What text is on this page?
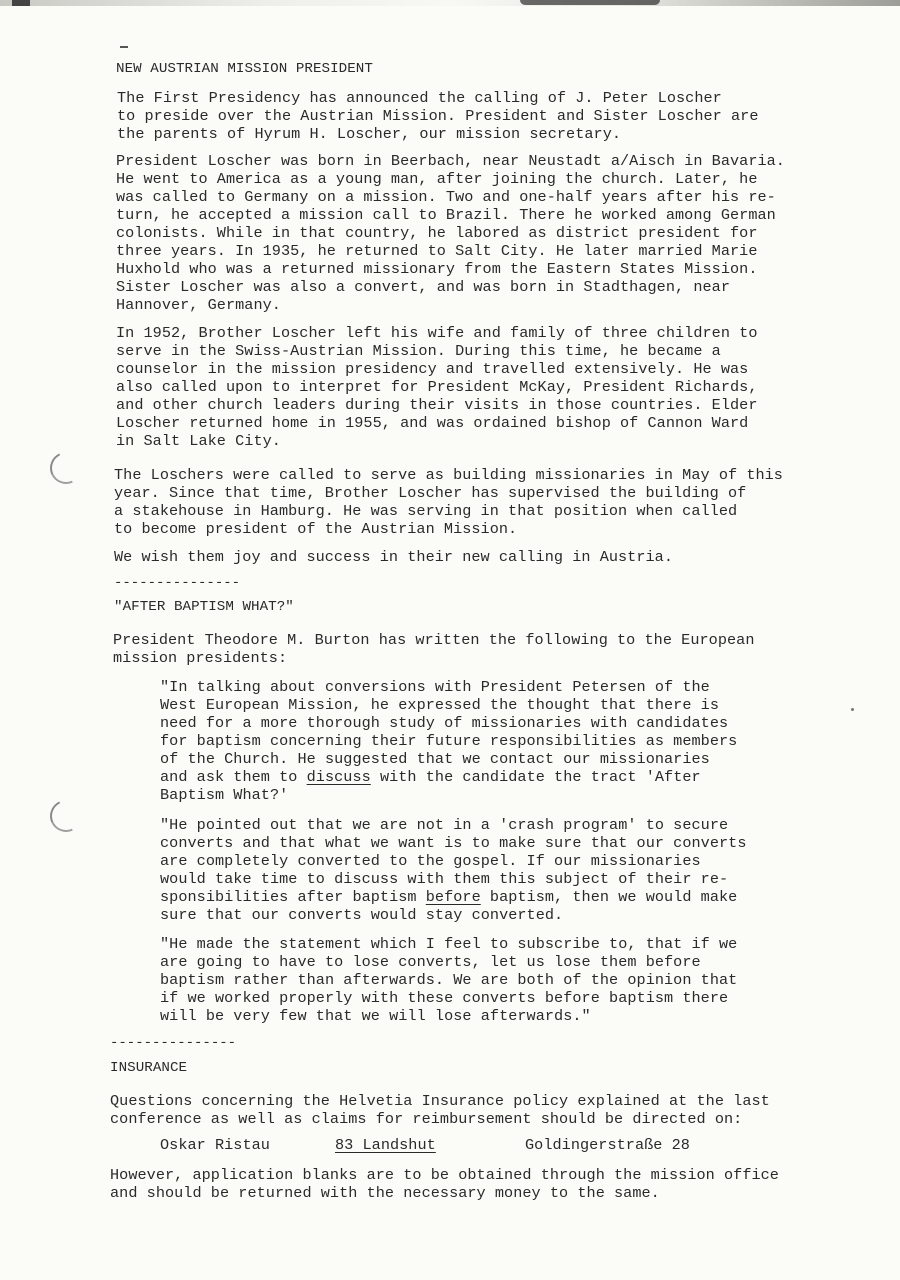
NEW AUSTRIAN MISSION PRESIDENT
The First Presidency has announced the calling of J. Peter Loscher
to preside over the Austrian Mission. President and Sister Loscher are
the parents of Hyrum H. Loscher, our mission secretary.
President Loscher was born in Beerbach, near Neustadt a/Aisch in Bavaria.
He went to America as a young man, after joining the church. Later, he
was called to Germany on a mission. Two and one-half years after his re-
turn, he accepted a mission call to Brazil. There he worked among German
colonists. While in that country, he labored as district president for
three years. In 1935, he returned to Salt City. He later married Marie
Huxhold who was a returned missionary from the Eastern States Mission.
Sister Loscher was also a convert, and was born in Stadthagen, near
Hannover, Germany.
In 1952, Brother Loscher left his wife and family of three children to
serve in the Swiss-Austrian Mission. During this time, he became a
counselor in the mission presidency and travelled extensively. He was
also called upon to interpret for President McKay, President Richards,
and other church leaders during their visits in those countries. Elder
Loscher returned home in 1955, and was ordained bishop of Cannon Ward
in Salt Lake City.
The Loschers were called to serve as building missionaries in May of this
year. Since that time, Brother Loscher has supervised the building of
a stakehouse in Hamburg. He was serving in that position when called
to become president of the Austrian Mission.
We wish them joy and success in their new calling in Austria.
---------------
"AFTER BAPTISM WHAT?"
President Theodore M. Burton has written the following to the European
mission presidents:
"In talking about conversions with President Petersen of the
West European Mission, he expressed the thought that there is
need for a more thorough study of missionaries with candidates
for baptism concerning their future responsibilities as members
of the Church. He suggested that we contact our missionaries
and ask them to discuss with the candidate the tract 'After
Baptism What?'
"He pointed out that we are not in a 'crash program' to secure
converts and that what we want is to make sure that our converts
are completely converted to the gospel. If our missionaries
would take time to discuss with them this subject of their re-
sponsibilities after baptism before baptism, then we would make
sure that our converts would stay converted.
"He made the statement which I feel to subscribe to, that if we
are going to have to lose converts, let us lose them before
baptism rather than afterwards. We are both of the opinion that
if we worked properly with these converts before baptism there
will be very few that we will lose afterwards."
---------------
INSURANCE
Questions concerning the Helvetia Insurance policy explained at the last
conference as well as claims for reimbursement should be directed on:
Oskar Ristau	83 Landshut	Goldingerstraße 28
However, application blanks are to be obtained through the mission office
and should be returned with the necessary money to the same.
